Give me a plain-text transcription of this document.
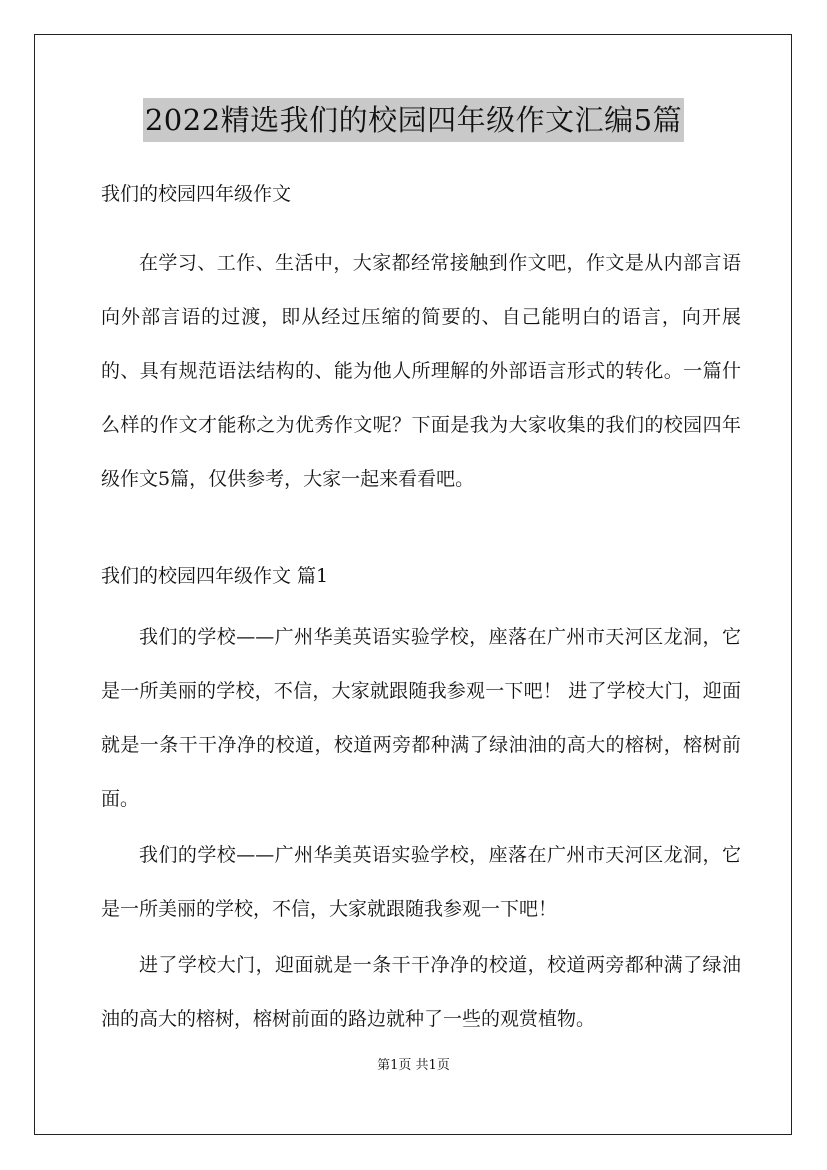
2022精选我们的校园四年级作文汇编5篇

我们的校园四年级作文

在学习、工作、生活中，大家都经常接触到作文吧，作文是从内部言语向外部言语的过渡，即从经过压缩的简要的、自己能明白的语言，向开展的、具有规范语法结构的、能为他人所理解的外部语言形式的转化。一篇什么样的作文才能称之为优秀作文呢？下面是我为大家收集的我们的校园四年级作文5篇，仅供参考，大家一起来看看吧。

我们的校园四年级作文 篇1

我们的学校——广州华美英语实验学校，座落在广州市天河区龙洞，它是一所美丽的学校，不信，大家就跟随我参观一下吧！ 进了学校大门，迎面就是一条干干净净的校道，校道两旁都种满了绿油油的高大的榕树，榕树前面。

我们的学校——广州华美英语实验学校，座落在广州市天河区龙洞，它是一所美丽的学校，不信，大家就跟随我参观一下吧！

进了学校大门，迎面就是一条干干净净的校道，校道两旁都种满了绿油油的高大的榕树，榕树前面的路边就种了一些的观赏植物。

第1页 共1页
